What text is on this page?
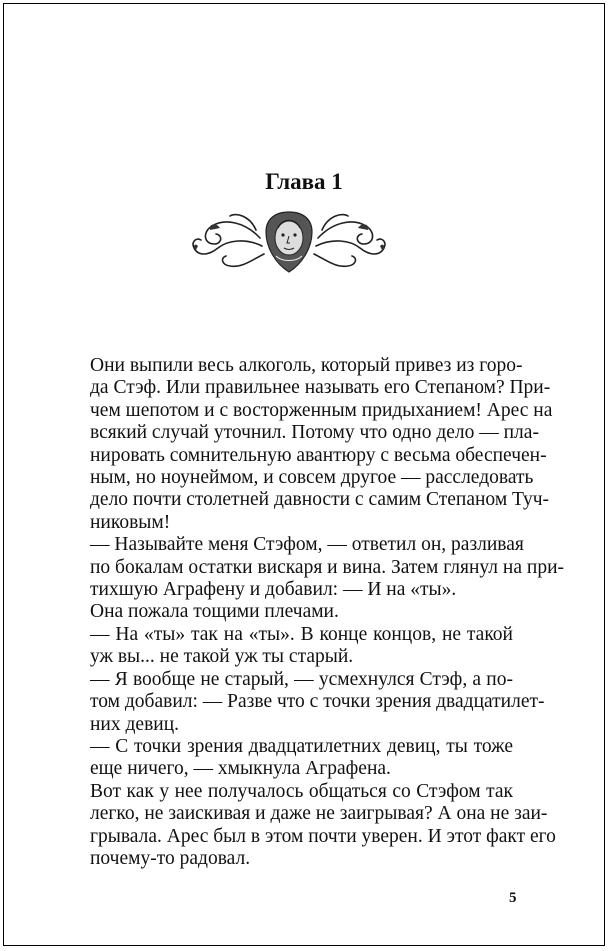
Глава 1
Они выпили весь алкоголь, который привез из горо-
да Стэф. Или правильнее называть его Степаном? При-
чем шепотом и с восторженным придыханием! Арес на
всякий случай уточнил. Потому что одно дело — пла-
нировать сомнительную авантюру с весьма обеспечен-
ным, но ноунеймом, и совсем другое — расследовать
дело почти столетней давности с самим Степаном Туч-
никовым!
— Называйте меня Стэфом, — ответил он, разливая
по бокалам остатки вискаря и вина. Затем глянул на при-
тихшую Аграфену и добавил: — И на «ты».
Она пожала тощими плечами.
— На «ты» так на «ты». В конце концов, не такой
уж вы... не такой уж ты старый.
— Я вообще не старый, — усмехнулся Стэф, а по-
том добавил: — Разве что с точки зрения двадцатилет-
них девиц.
— С точки зрения двадцатилетних девиц, ты тоже
еще ничего, — хмыкнула Аграфена.
Вот как у нее получалось общаться со Стэфом так
легко, не заискивая и даже не заигрывая? А она не заи-
грывала. Арес был в этом почти уверен. И этот факт его
почему-то радовал.
5
